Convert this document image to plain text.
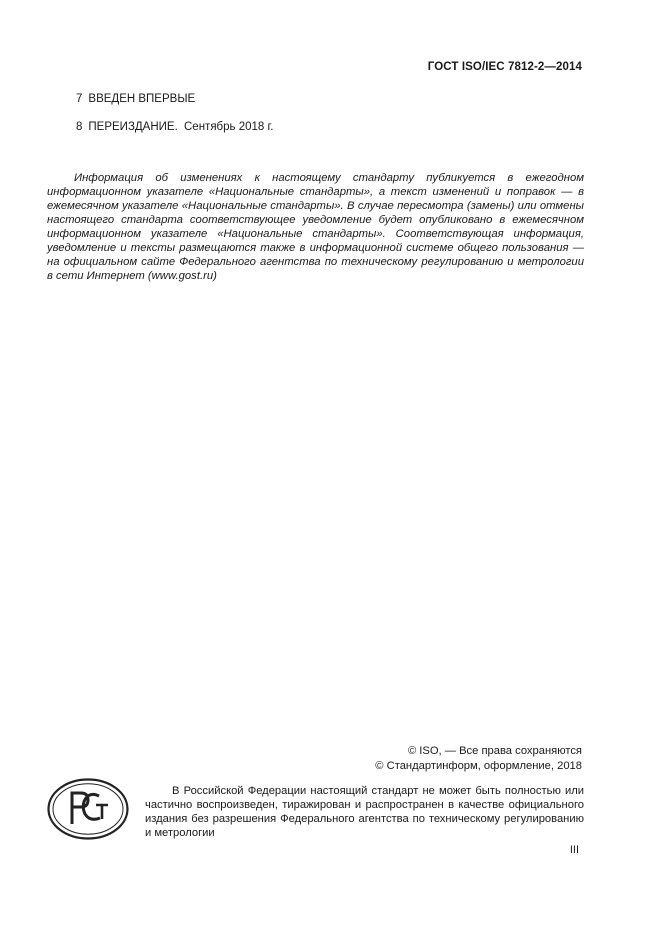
ГОСТ ISO/IEC 7812-2—2014
7 ВВЕДЕН ВПЕРВЫЕ
8 ПЕРЕИЗДАНИЕ. Сентябрь 2018 г.

Информация об изменениях к настоящему стандарту публикуется в ежегодном информационном указателе «Национальные стандарты», а текст изменений и поправок — в ежемесячном указателе «Национальные стандарты». В случае пересмотра (замены) или отмены настоящего стандарта соответствующее уведомление будет опубликовано в ежемесячном информационном указателе «Национальные стандарты». Соответствующая информация, уведомление и тексты размещаются также в информационной системе общего пользования — на официальном сайте Федерального агентства по техническому регулированию и метрологии в сети Интернет (www.gost.ru)

© ISO, — Все права сохраняются
© Стандартинформ, оформление, 2018

В Российской Федерации настоящий стандарт не может быть полностью или частично воспроизведен, тиражирован и распространен в качестве официального издания без разрешения Федерального агентства по техническому регулированию и метрологии

III
